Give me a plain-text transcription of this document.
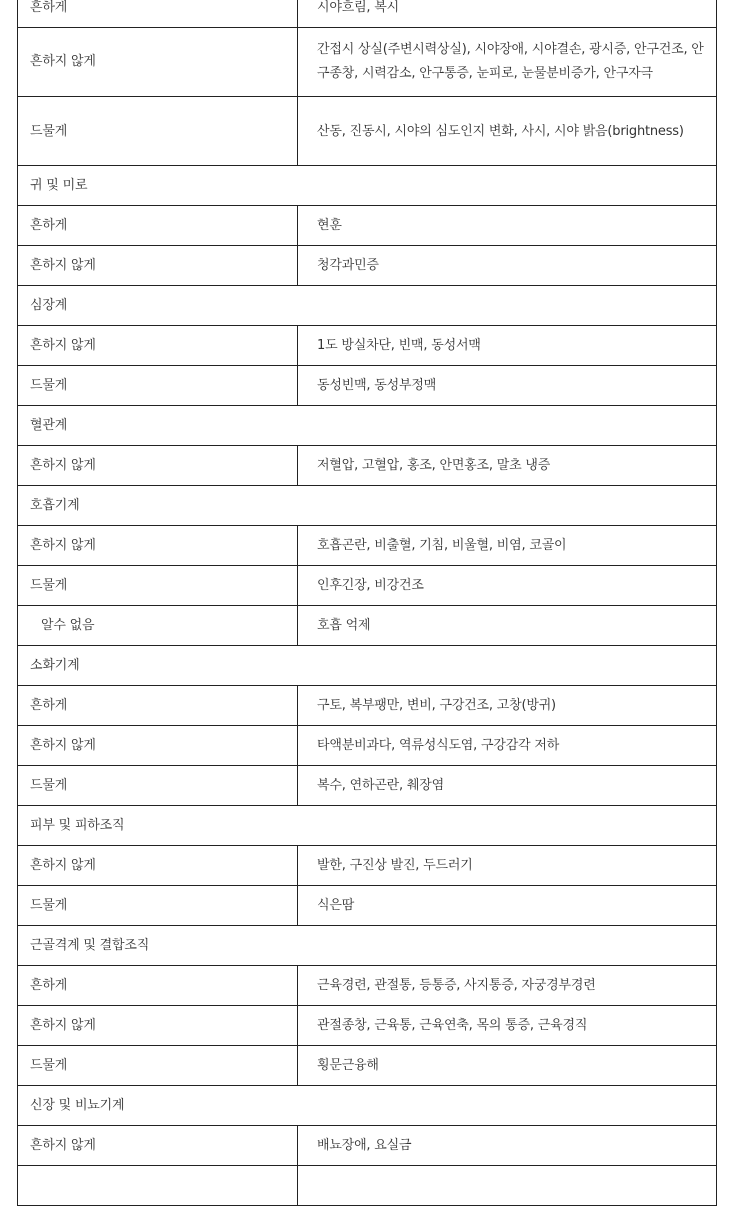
흔하게	시야흐림, 복시
흔하지 않게	간접시 상실(주변시력상실), 시야장애, 시야결손, 광시증, 안구건조, 안구종창, 시력감소, 안구통증, 눈피로, 눈물분비증가, 안구자극
드물게	산동, 진동시, 시야의 심도인지 변화, 사시, 시야 밝음(brightness)
귀 및 미로	
흔하게	현훈
흔하지 않게	청각과민증
심장계	
흔하지 않게	1도 방실차단, 빈맥, 동성서맥
드물게	동성빈맥, 동성부정맥
혈관계	
흔하지 않게	저혈압, 고혈압, 홍조, 안면홍조, 말초 냉증
호흡기계	
흔하지 않게	호흡곤란, 비출혈, 기침, 비울혈, 비염, 코골이
드물게	인후긴장, 비강건조
알수 없음	호흡 억제
소화기계	
흔하게	구토, 복부팽만, 변비, 구강건조, 고창(방귀)
흔하지 않게	타액분비과다, 역류성식도염, 구강감각 저하
드물게	복수, 연하곤란, 췌장염
피부 및 피하조직	
흔하지 않게	발한, 구진상 발진, 두드러기
드물게	식은땀
근골격계 및 결합조직	
흔하게	근육경련, 관절통, 등통증, 사지통증, 자궁경부경련
흔하지 않게	관절종창, 근육통, 근육연축, 목의 통증, 근육경직
드물게	횡문근융해
신장 및 비뇨기계	
흔하지 않게	배뇨장애, 요실금
